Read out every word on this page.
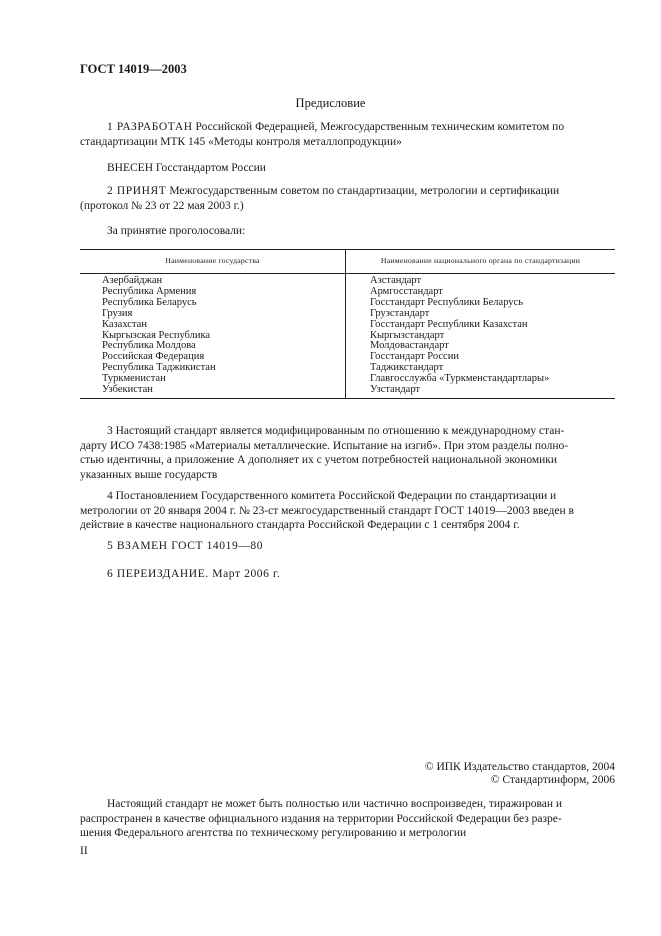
ГОСТ 14019—2003
Предисловие
1 РАЗРАБОТАН Российской Федерацией, Межгосударственным техническим комитетом по
стандартизации МТК 145 «Методы контроля металлопродукции»
ВНЕСЕН Госстандартом России
2 ПРИНЯТ Межгосударственным советом по стандартизации, метрологии и сертификации
(протокол № 23 от 22 мая 2003 г.)
За принятие проголосовали:
Наименование государства	Наименование национального органа по стандартизации
Азербайджан
Республика Армения
Республика Беларусь
Грузия
Казахстан
Кыргызская Республика
Республика Молдова
Российская Федерация
Республика Таджикистан
Туркменистан
Узбекистан
Азстандарт
Армгосстандарт
Госстандарт Республики Беларусь
Грузстандарт
Госстандарт Республики Казахстан
Кыргызстандарт
Молдовастандарт
Госстандарт России
Таджикстандарт
Главгосслужба «Туркменстандартлары»
Узстандарт
3 Настоящий стандарт является модифицированным по отношению к международному стан-
дарту ИСО 7438:1985 «Материалы металлические. Испытание на изгиб». При этом разделы полно-
стью идентичны, а приложение А дополняет их с учетом потребностей национальной экономики
указанных выше государств
4 Постановлением Государственного комитета Российской Федерации по стандартизации и
метрологии от 20 января 2004 г. № 23-ст межгосударственный стандарт ГОСТ 14019—2003 введен в
действие в качестве национального стандарта Российской Федерации с 1 сентября 2004 г.
5 ВЗАМЕН ГОСТ 14019—80
6 ПЕРЕИЗДАНИЕ. Март 2006 г.
© ИПК Издательство стандартов, 2004
© Стандартинформ, 2006
Настоящий стандарт не может быть полностью или частично воспроизведен, тиражирован и
распространен в качестве официального издания на территории Российской Федерации без разре-
шения Федерального агентства по техническому регулированию и метрологии
II
